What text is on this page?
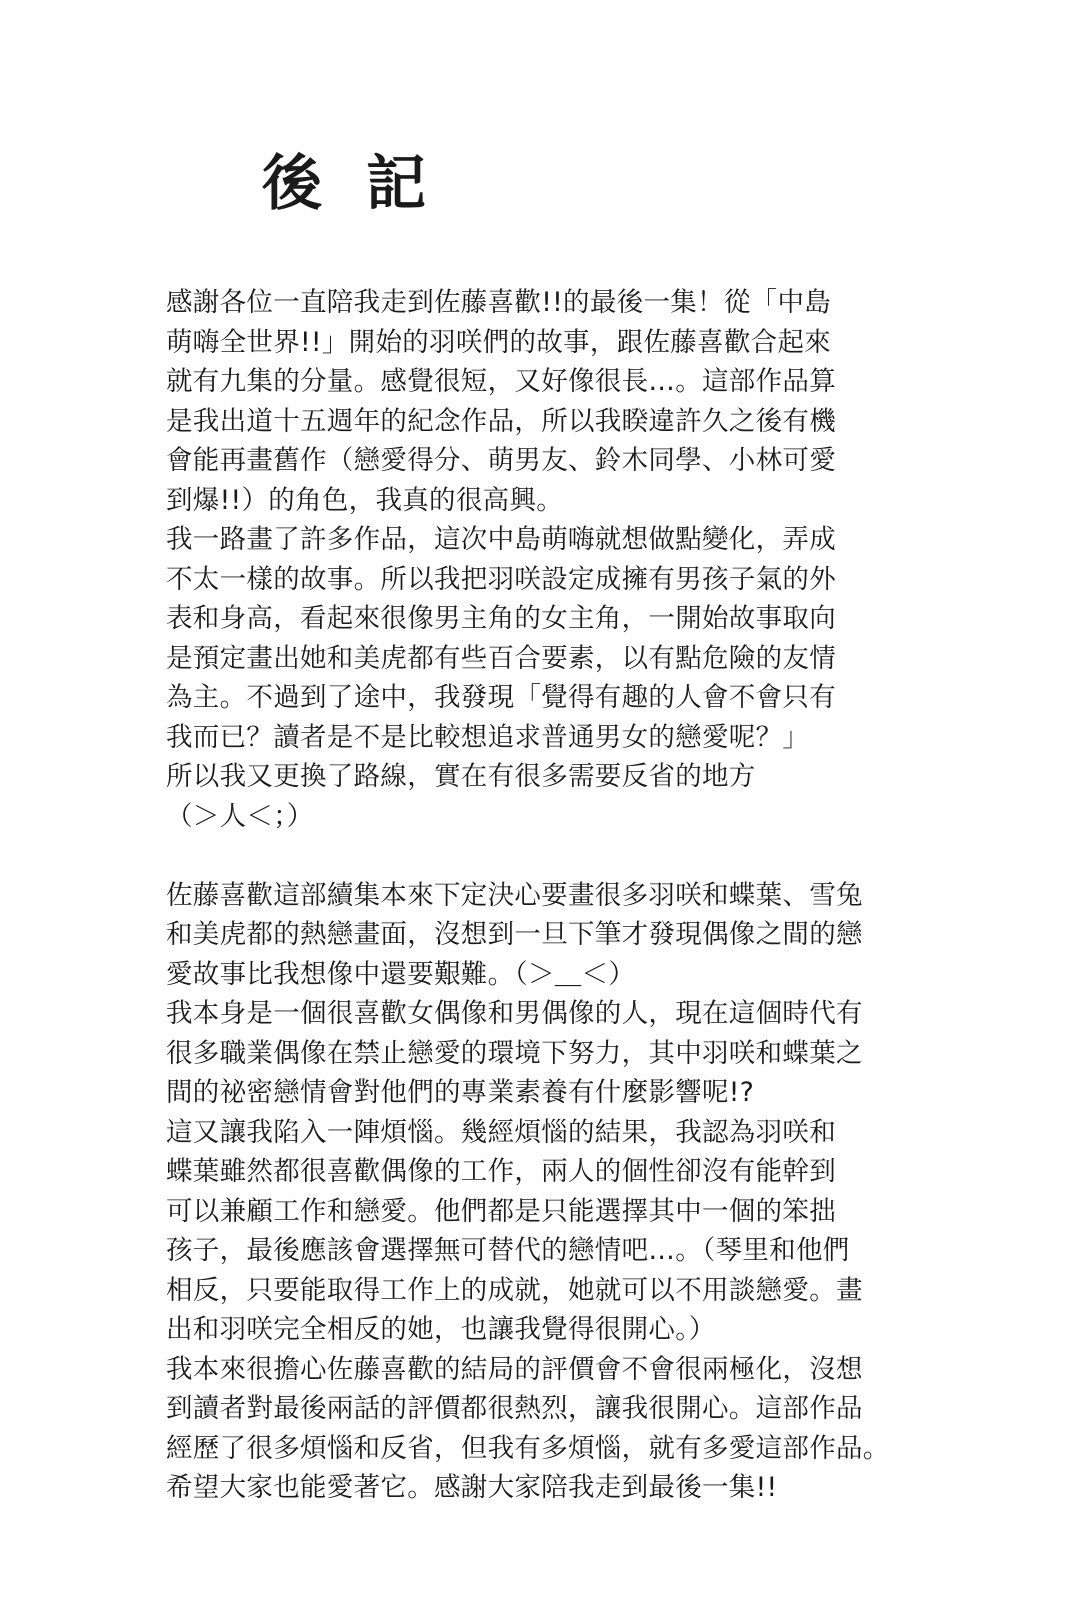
後記
感謝各位一直陪我走到佐藤喜歡!!的最後一集！從「中島
萌嗨全世界!!」開始的羽咲們的故事，跟佐藤喜歡合起來
就有九集的分量。感覺很短，又好像很長…。這部作品算
是我出道十五週年的紀念作品，所以我睽違許久之後有機
會能再畫舊作（戀愛得分、萌男友、鈴木同學、小林可愛
到爆!!）的角色，我真的很高興。
我一路畫了許多作品，這次中島萌嗨就想做點變化，弄成
不太一樣的故事。所以我把羽咲設定成擁有男孩子氣的外
表和身高，看起來很像男主角的女主角，一開始故事取向
是預定畫出她和美虎都有些百合要素，以有點危險的友情
為主。不過到了途中，我發現「覺得有趣的人會不會只有
我而已？讀者是不是比較想追求普通男女的戀愛呢？」
所以我又更換了路線，實在有很多需要反省的地方
（＞人＜；）
佐藤喜歡這部續集本來下定決心要畫很多羽咲和蝶葉、雪兔
和美虎都的熱戀畫面，沒想到一旦下筆才發現偶像之間的戀
愛故事比我想像中還要艱難。（＞＿＜）
我本身是一個很喜歡女偶像和男偶像的人，現在這個時代有
很多職業偶像在禁止戀愛的環境下努力，其中羽咲和蝶葉之
間的祕密戀情會對他們的專業素養有什麼影響呢!?
這又讓我陷入一陣煩惱。幾經煩惱的結果，我認為羽咲和
蝶葉雖然都很喜歡偶像的工作，兩人的個性卻沒有能幹到
可以兼顧工作和戀愛。他們都是只能選擇其中一個的笨拙
孩子，最後應該會選擇無可替代的戀情吧…。（琴里和他們
相反，只要能取得工作上的成就，她就可以不用談戀愛。畫
出和羽咲完全相反的她，也讓我覺得很開心。）
我本來很擔心佐藤喜歡的結局的評價會不會很兩極化，沒想
到讀者對最後兩話的評價都很熱烈，讓我很開心。這部作品
經歷了很多煩惱和反省，但我有多煩惱，就有多愛這部作品。
希望大家也能愛著它。感謝大家陪我走到最後一集!!
